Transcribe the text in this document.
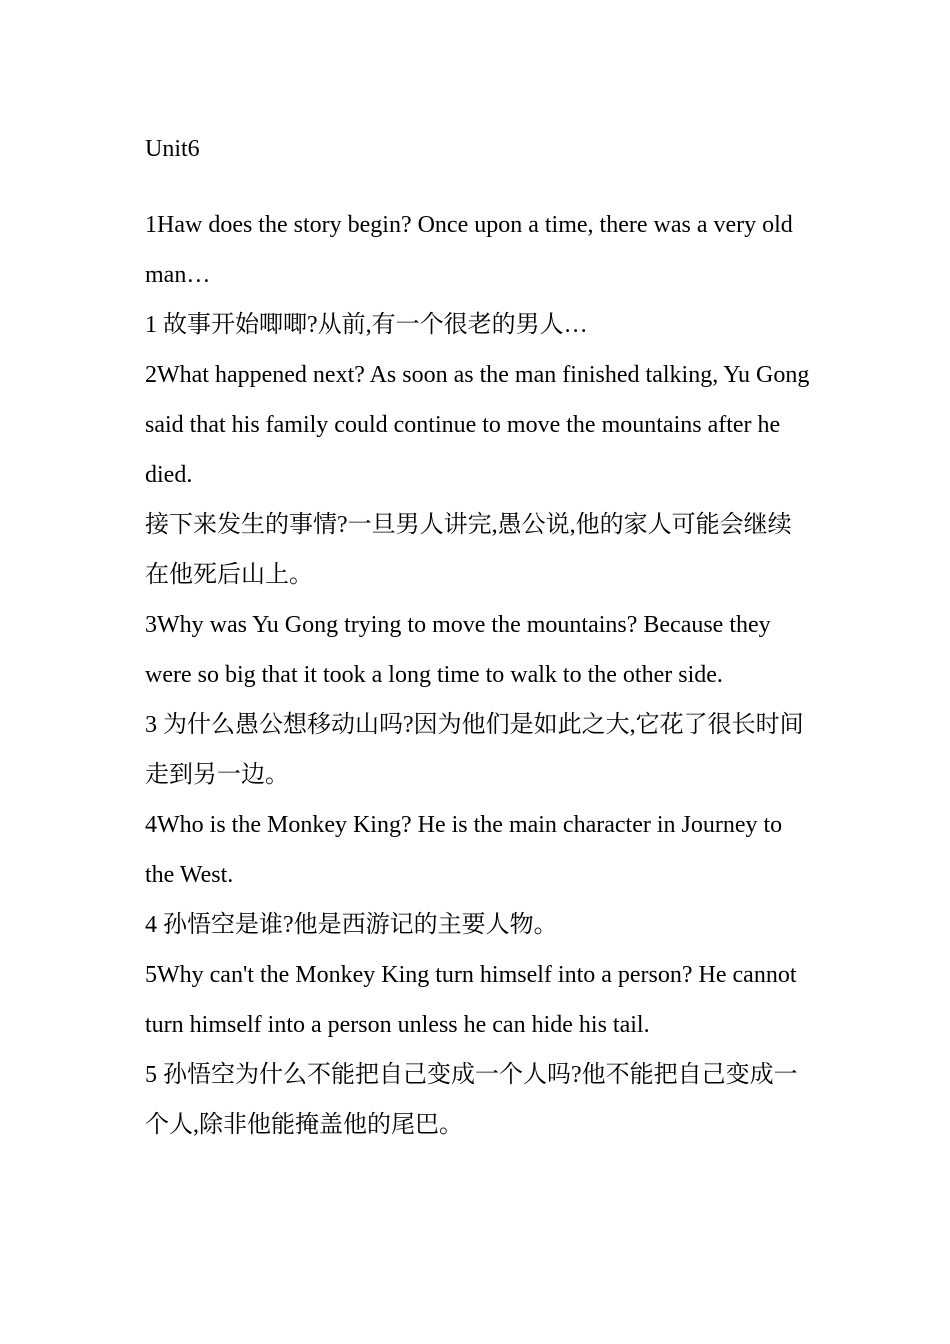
Unit6

1Haw does the story begin? Once upon a time, there was a very old man…

1 故事开始唧唧?从前,有一个很老的男人…

2What happened next? As soon as the man finished talking, Yu Gong said that his family could continue to move the mountains after he died.

接下来发生的事情?一旦男人讲完,愚公说,他的家人可能会继续在他死后山上。

3Why was Yu Gong trying to move the mountains? Because they were so big that it took a long time to walk to the other side.

3 为什么愚公想移动山吗?因为他们是如此之大,它花了很长时间走到另一边。

4Who is the Monkey King? He is the main character in Journey to the West.

4 孙悟空是谁?他是西游记的主要人物。

5Why can't the Monkey King turn himself into a person? He cannot turn himself into a person unless he can hide his tail.

5 孙悟空为什么不能把自己变成一个人吗?他不能把自己变成一个人,除非他能掩盖他的尾巴。
